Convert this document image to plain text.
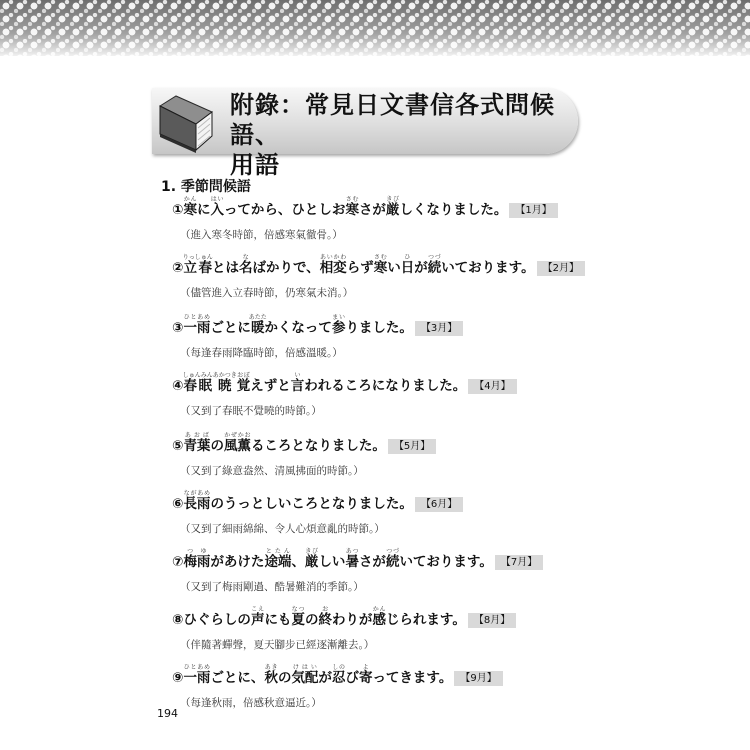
附錄：常見日文書信各式問候語、
用語
1. 季節問候語
①寒かんに入はいってから、ひとしお寒さむさが厳きびしくなりました。 【1月】
（進入寒冬時節，倍感寒氣徹骨。）
②立春りっしゅんとは名なばかりで、相変あいかわらず寒さむい日ひが続つづいております。 【2月】
（儘管進入立春時節，仍寒氣未消。）
③一雨ひとあめごとに暖あたたかくなって参まいりました。 【3月】
（每逢春雨降臨時節，倍感溫暖。）
④春眠しゅんみん暁あかつき覚おぼえずと言いわれるころになりました。 【4月】
（又到了春眠不覺曉的時節。）
⑤青葉あおばの風薫かぜかおるころとなりました。 【5月】
（又到了綠意盎然、清風拂面的時節。）
⑥長雨ながあめのうっとしいころとなりました。 【6月】
（又到了細雨綿綿、令人心煩意亂的時節。）
⑦梅雨つゆがあけた途端とたん、厳きびしい暑あつさが続つづいております。 【7月】
（又到了梅雨剛過、酷暑難消的季節。）
⑧ひぐらしの声こえにも夏なつの終おわりが感かんじられます。 【8月】
（伴隨著蟬聲，夏天腳步已經逐漸離去。）
⑨一雨ひとあめごとに、秋あきの気配けはいが忍しのび寄よってきます。 【9月】
（每逢秋雨，倍感秋意逼近。）
194
